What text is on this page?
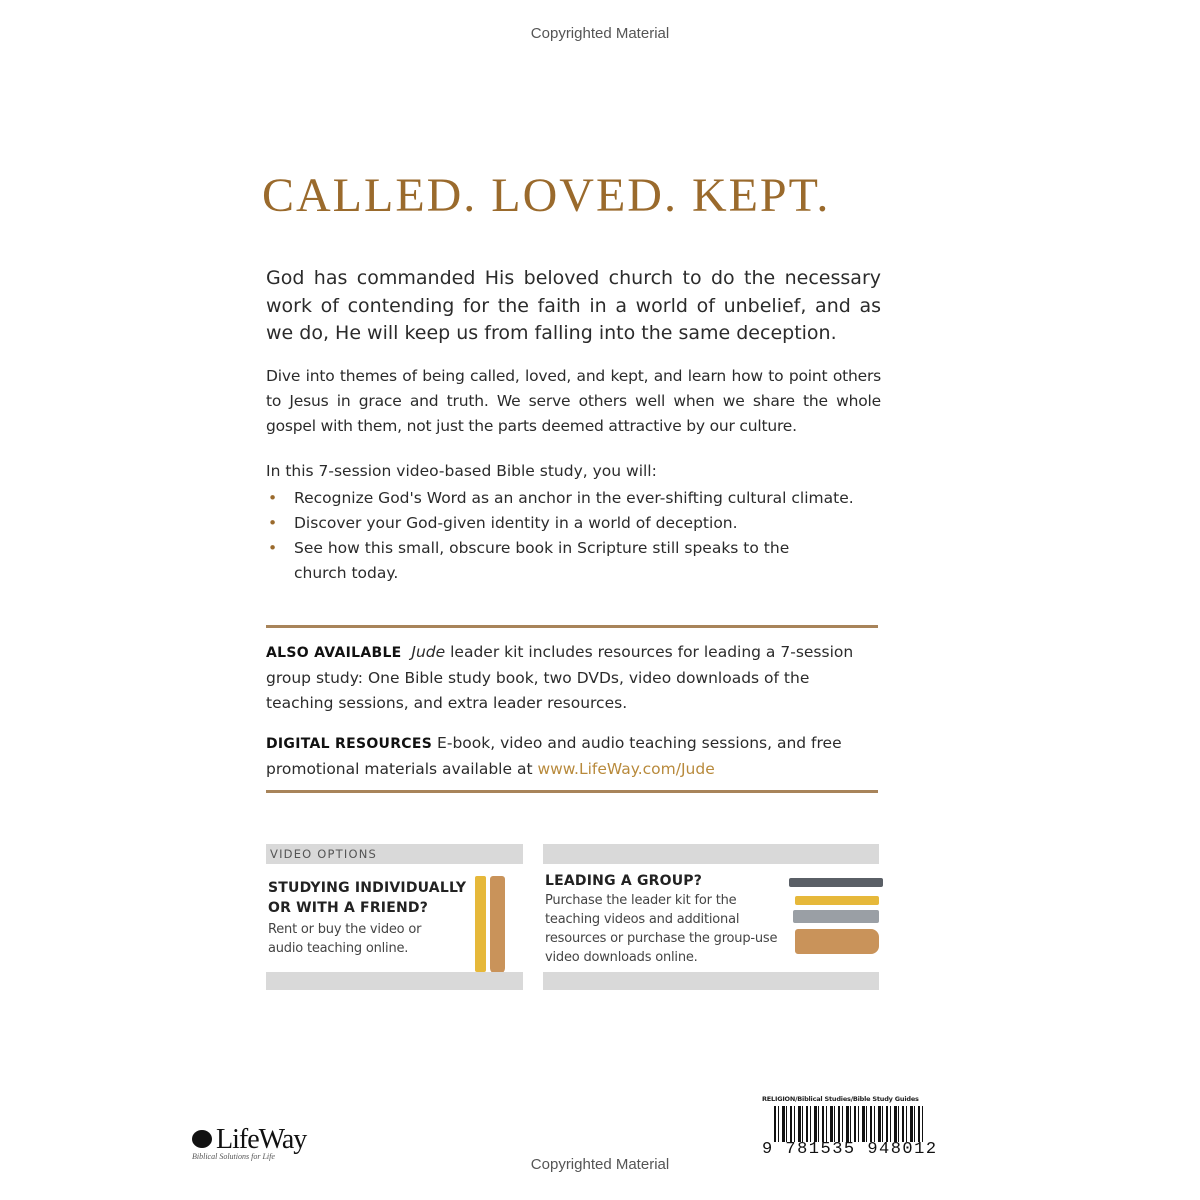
Copyrighted Material
CALLED. LOVED. KEPT.

God has commanded His beloved church to do the necessary work of contending for the faith in a world of unbelief, and as we do, He will keep us from falling into the same deception.

Dive into themes of being called, loved, and kept, and learn how to point others to Jesus in grace and truth. We serve others well when we share the whole gospel with them, not just the parts deemed attractive by our culture.

In this 7-session video-based Bible study, you will:
• Recognize God's Word as an anchor in the ever-shifting cultural climate.
• Discover your God-given identity in a world of deception.
• See how this small, obscure book in Scripture still speaks to the church today.
ALSO AVAILABLE Jude leader kit includes resources for leading a 7-session group study: One Bible study book, two DVDs, video downloads of the teaching sessions, and extra leader resources.
DIGITAL RESOURCES E-book, video and audio teaching sessions, and free promotional materials available at www.LifeWay.com/Jude
VIDEO OPTIONS
STUDYING INDIVIDUALLY OR WITH A FRIEND?
Rent or buy the video or audio teaching online.
LEADING A GROUP?
Purchase the leader kit for the teaching videos and additional resources or purchase the group-use video downloads online.
LifeWay
Biblical Solutions for Life
RELIGION/Biblical Studies/Bible Study Guides
9 781535 948012
Copyrighted Material
